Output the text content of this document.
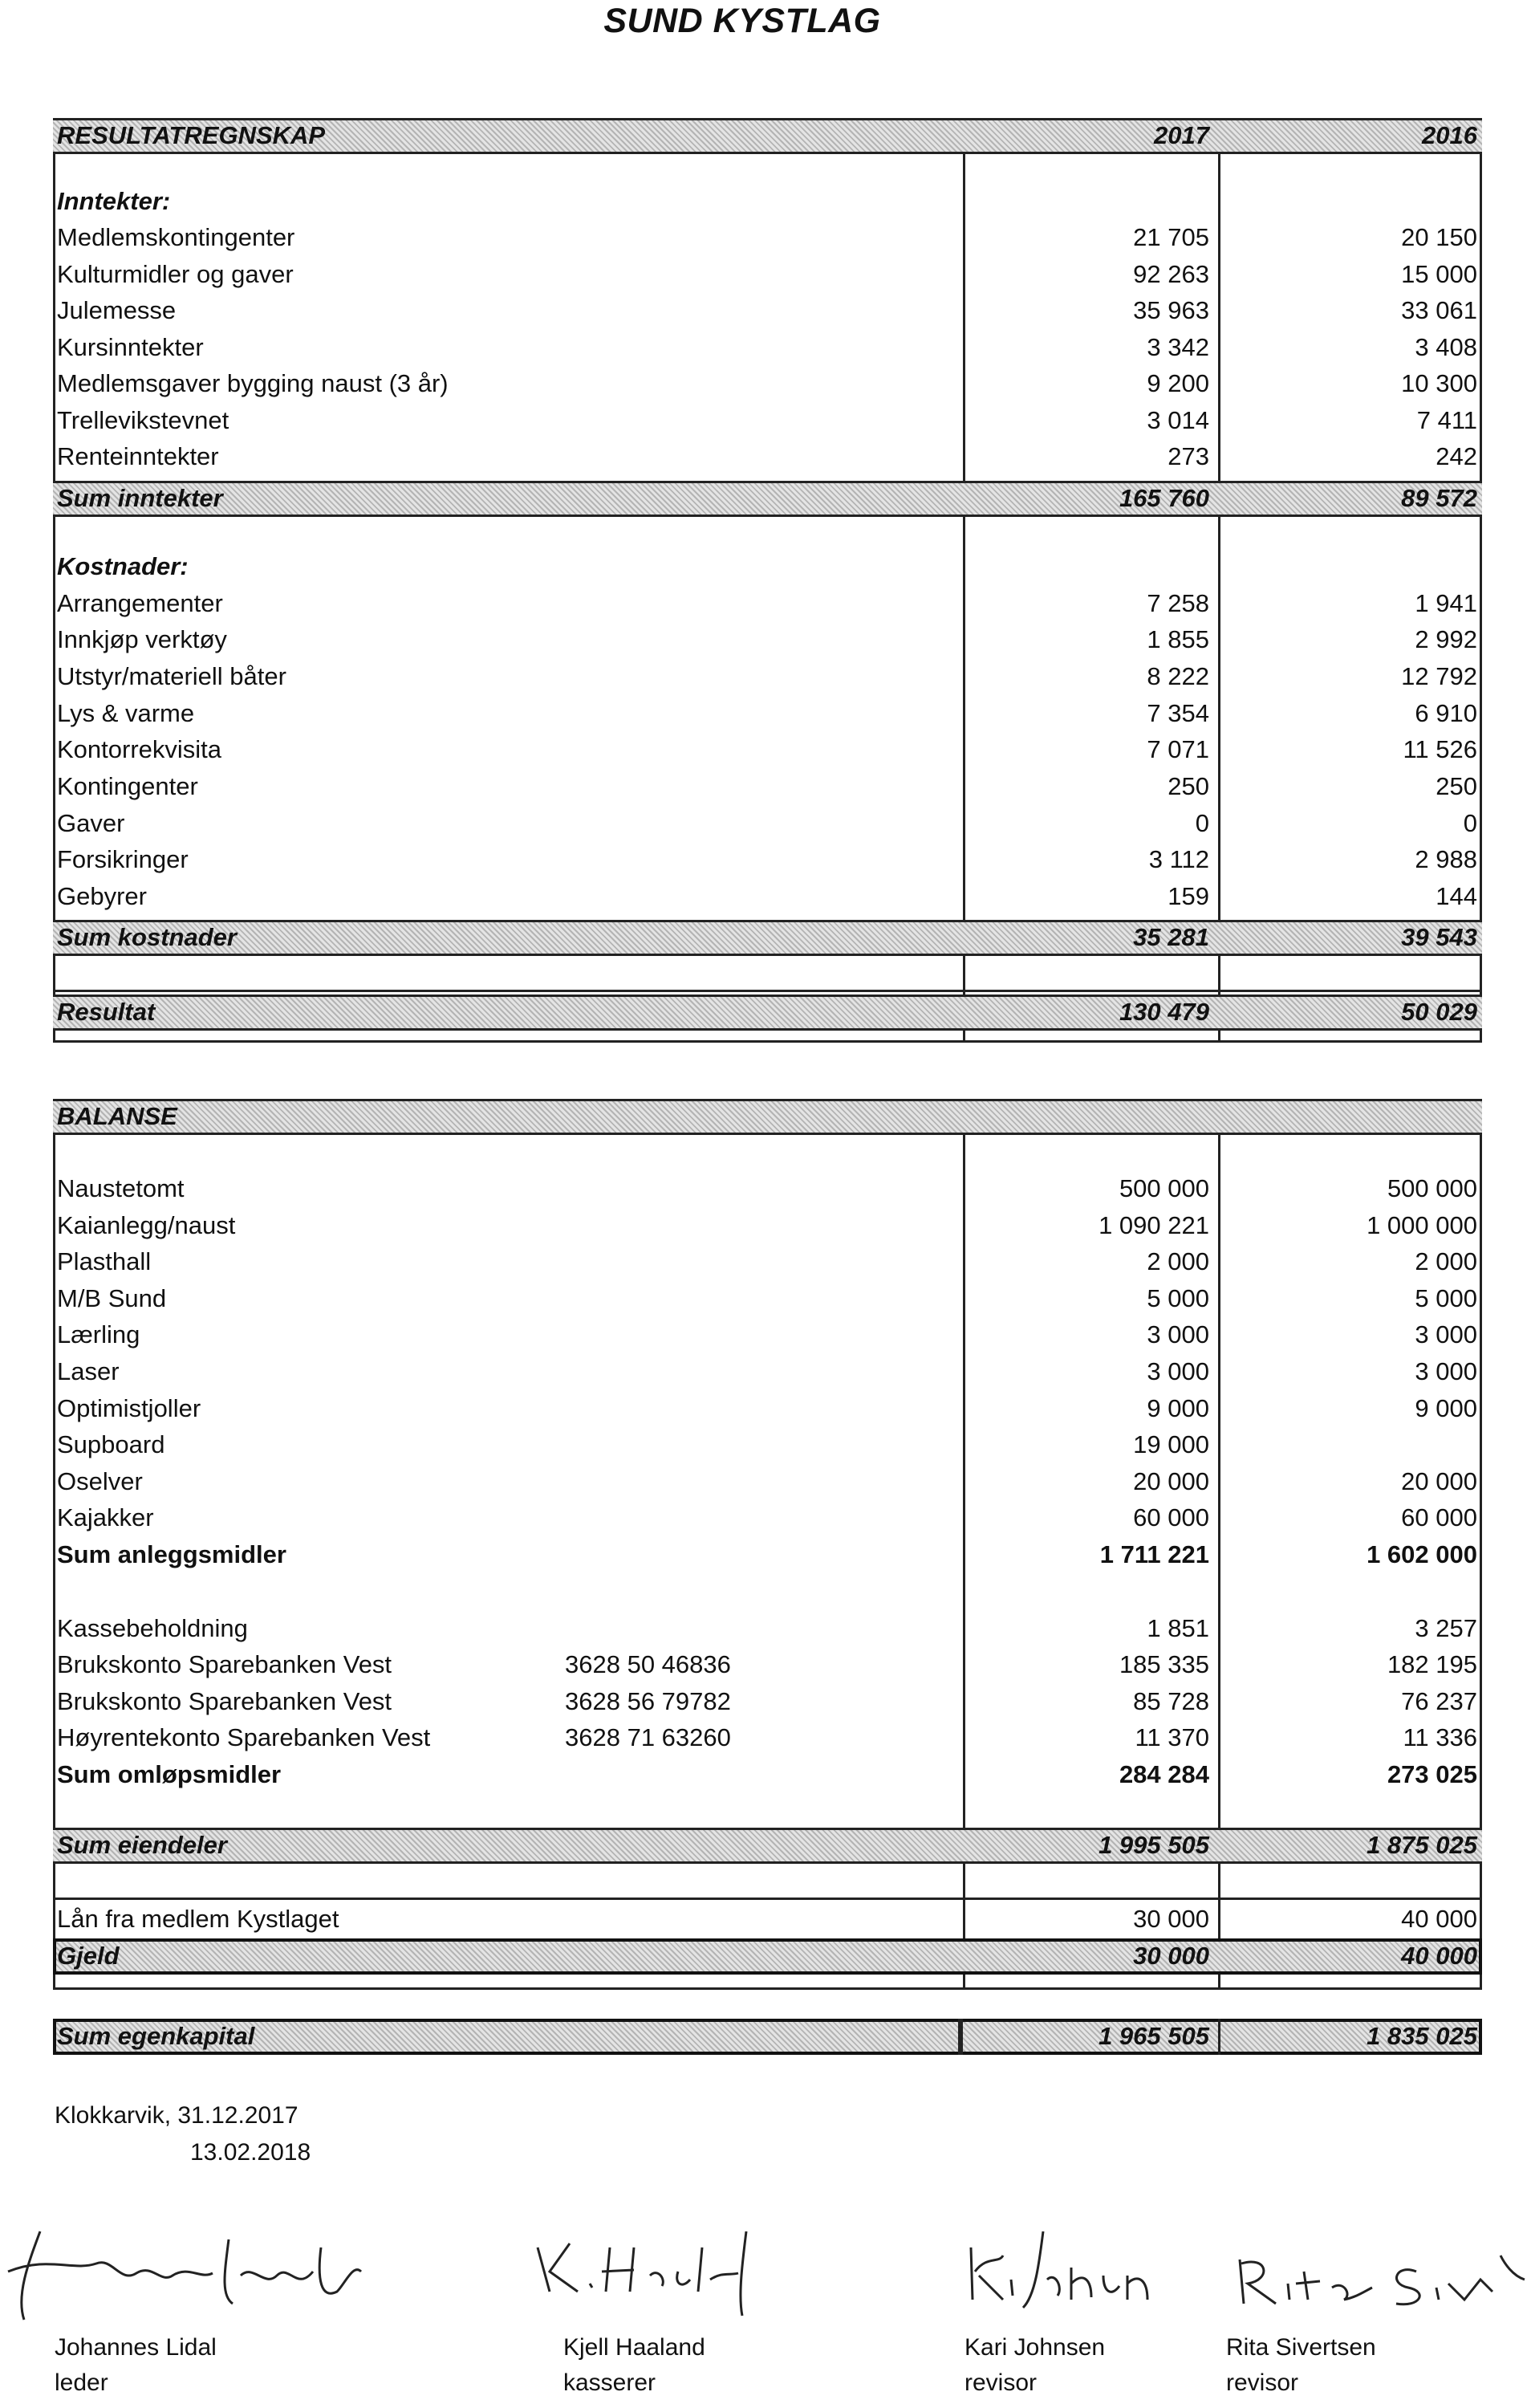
SUND KYSTLAG
RESULTATREGNSKAP	2017	2016
Inntekter:
Medlemskontingenter	21 705	20 150
Kulturmidler og gaver	92 263	15 000
Julemesse	35 963	33 061
Kursinntekter	3 342	3 408
Medlemsgaver bygging naust (3 år)	9 200	10 300
Trellevikstevnet	3 014	7 411
Renteinntekter	273	242
Sum inntekter	165 760	89 572
Kostnader:
Arrangementer	7 258	1 941
Innkjøp verktøy	1 855	2 992
Utstyr/materiell båter	8 222	12 792
Lys & varme	7 354	6 910
Kontorrekvisita	7 071	11 526
Kontingenter	250	250
Gaver	0	0
Forsikringer	3 112	2 988
Gebyrer	159	144
Sum kostnader	35 281	39 543
Resultat	130 479	50 029
BALANSE
Naustetomt	500 000	500 000
Kaianlegg/naust	1 090 221	1 000 000
Plasthall	2 000	2 000
M/B Sund	5 000	5 000
Lærling	3 000	3 000
Laser	3 000	3 000
Optimistjoller	9 000	9 000
Supboard	19 000
Oselver	20 000	20 000
Kajakker	60 000	60 000
Sum anleggsmidler	1 711 221	1 602 000
Kassebeholdning	1 851	3 257
Brukskonto Sparebanken Vest	3628 50 46836	185 335	182 195
Brukskonto Sparebanken Vest	3628 56 79782	85 728	76 237
Høyrentekonto Sparebanken Vest	3628 71 63260	11 370	11 336
Sum omløpsmidler	284 284	273 025
Sum eiendeler	1 995 505	1 875 025
Lån fra medlem Kystlaget	30 000	40 000
Gjeld	30 000	40 000
Sum egenkapital	1 965 505	1 835 025
Klokkarvik, 31.12.2017
13.02.2018
Johannes Lidal
leder
Kjell Haaland
kasserer
Kari Johnsen
revisor
Rita Sivertsen
revisor
